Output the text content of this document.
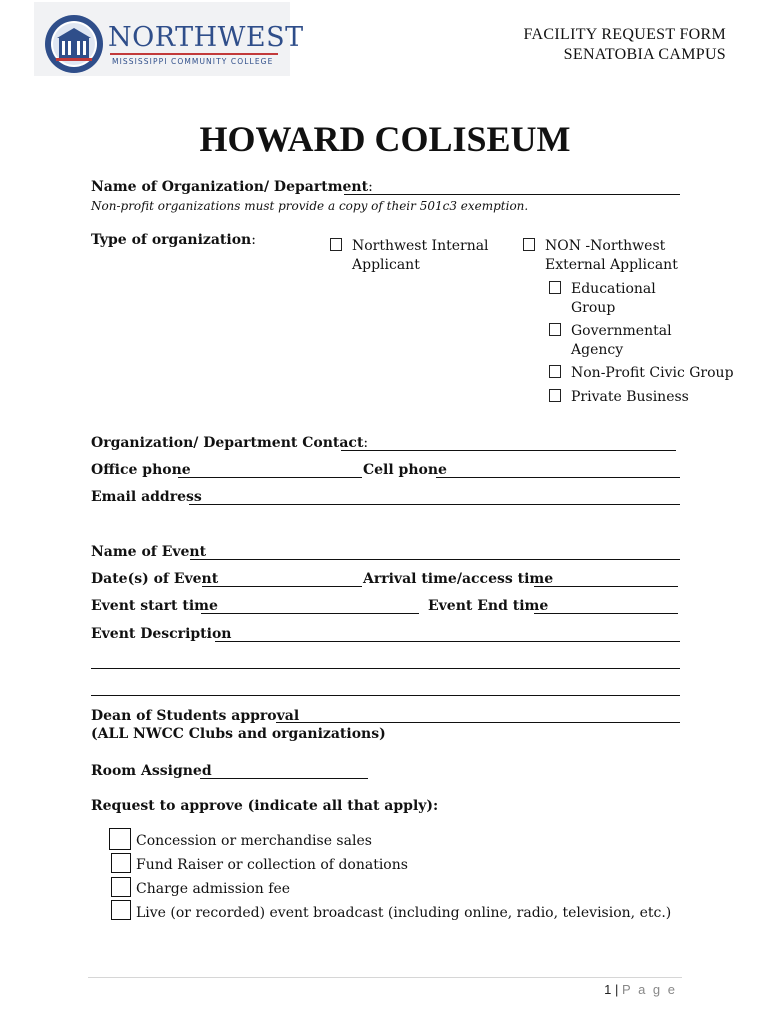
NORTHWEST
MISSISSIPPI COMMUNITY COLLEGE
FACILITY REQUEST FORM
SENATOBIA CAMPUS
HOWARD COLISEUM
Name of Organization/ Department:
Non-profit organizations must provide a copy of their 501c3 exemption.
Type of organization:	Northwest Internal
Applicant
NON -Northwest
External Applicant
Educational
Group
Governmental
Agency
Non-Profit Civic Group
Private Business
Organization/ Department Contact:
Office phone	Cell phone
Email address
Name of Event
Date(s) of Event	Arrival time/access time
Event start time	Event End time
Event Description
Dean of Students approval
(ALL NWCC Clubs and organizations)
Room Assigned
Request to approve (indicate all that apply):
Concession or merchandise sales
Fund Raiser or collection of donations
Charge admission fee
Live (or recorded) event broadcast (including online, radio, television, etc.)
1 | P a g e
